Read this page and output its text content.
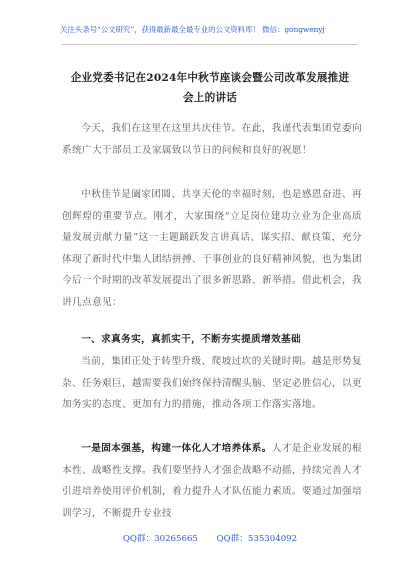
关注头条号“公文研究”，获得最新最全最专业的公文资料库！ 微信：gongwenyj
企业党委书记在2024年中秋节座谈会暨公司改革发展推进
会上的讲话

今天，我们在这里在这里共庆佳节。在此，我谨代表集团党委向系统广大干部员工及家属致以节日的问候和良好的祝愿！

中秋佳节是阖家团圆、共享天伦的幸福时刻，也是感恩奋进、再创辉煌的重要节点。刚才，大家围绕“立足岗位建功立业为企业高质量发展贡献力量”这一主题踊跃发言讲真话、谋实招、献良策，充分体现了新时代中集人团结拼搏、干事创业的良好精神风貌，也为集团今后一个时期的改革发展提出了很多新思路、新举措。借此机会，我讲几点意见：

一、求真务实，真抓实干，不断夯实提质增效基础

当前，集团正处于转型升级、爬坡过坎的关键时期。越是形势复杂、任务艰巨，越需要我们始终保持清醒头脑、坚定必胜信心，以更加务实的态度、更加有力的措施，推动各项工作落实落地。

一是固本强基，构建一体化人才培养体系。人才是企业发展的根本性、战略性支撑。我们要坚持人才强企战略不动摇，持续完善人才引进培养使用评价机制，着力提升人才队伍能力素质。要通过加强培训学习，不断提升专业技

QQ群：30265665 QQ群：535304092
